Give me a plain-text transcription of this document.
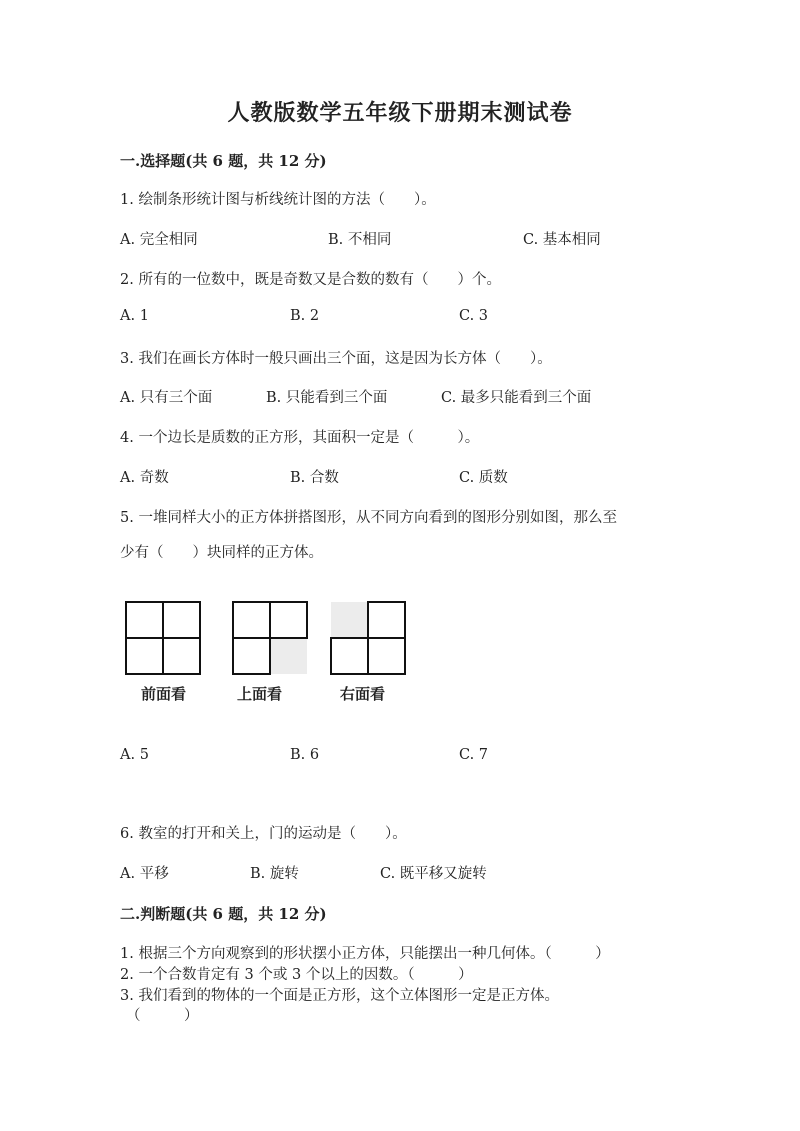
人教版数学五年级下册期末测试卷
一.选择题(共 6 题，共 12 分)
1. 绘制条形统计图与析线统计图的方法（　　）。
A. 完全相同	B. 不相同	C. 基本相同
2. 所有的一位数中，既是奇数又是合数的数有（　　）个。
A. 1	B. 2	C. 3
3. 我们在画长方体时一般只画出三个面，这是因为长方体（　　）。
A. 只有三个面	B. 只能看到三个面	C. 最多只能看到三个面
4. 一个边长是质数的正方形，其面积一定是（　　　）。
A. 奇数	B. 合数	C. 质数
5. 一堆同样大小的正方体拼搭图形，从不同方向看到的图形分别如图，那么至
少有（　　）块同样的正方体。
前面看	上面看	右面看
A. 5	B. 6	C. 7
6. 教室的打开和关上，门的运动是（　　）。
A. 平移	B. 旋转	C. 既平移又旋转
二.判断题(共 6 题，共 12 分)
1. 根据三个方向观察到的形状摆小正方体，只能摆出一种几何体。（　　　）
2. 一个合数肯定有 3 个或 3 个以上的因数。（　　　）
3. 我们看到的物体的一个面是正方形，这个立体图形一定是正方体。
（　　　）
